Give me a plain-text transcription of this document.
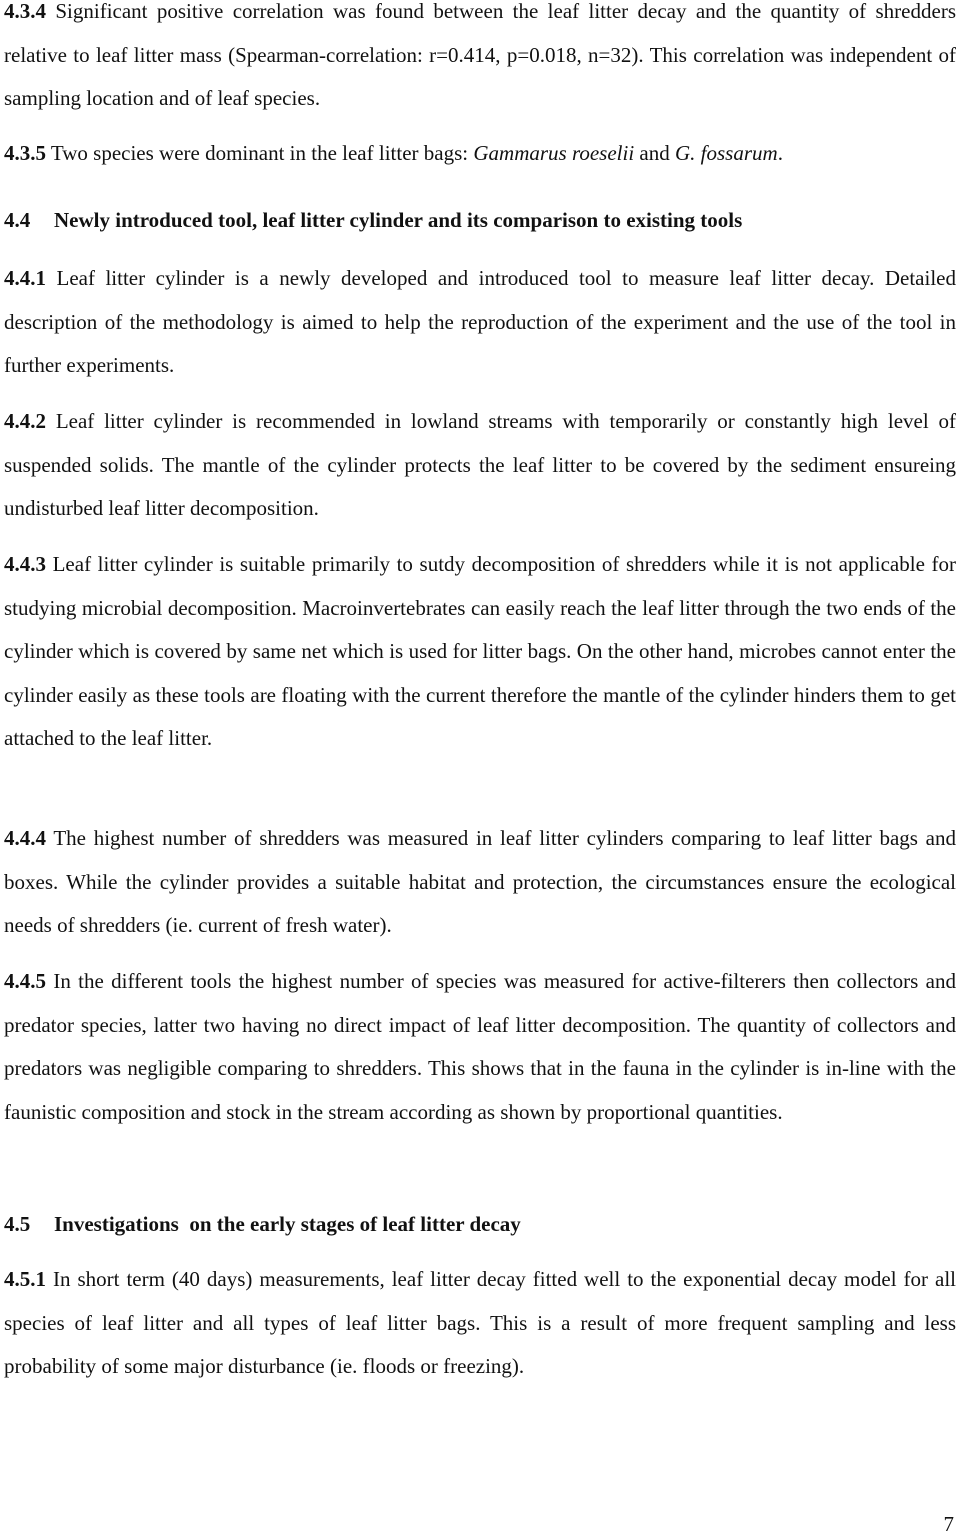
4.3.4 Significant positive correlation was found between the leaf litter decay and the quantity of shredders relative to leaf litter mass (Spearman-correlation: r=0.414, p=0.018, n=32). This correlation was independent of sampling location and of leaf species.

4.3.5 Two species were dominant in the leaf litter bags: Gammarus roeselii and G. fossarum.

4.4 Newly introduced tool, leaf litter cylinder and its comparison to existing tools

4.4.1 Leaf litter cylinder is a newly developed and introduced tool to measure leaf litter decay. Detailed description of the methodology is aimed to help the reproduction of the experiment and the use of the tool in further experiments.

4.4.2 Leaf litter cylinder is recommended in lowland streams with temporarily or constantly high level of suspended solids. The mantle of the cylinder protects the leaf litter to be covered by the sediment ensureing undisturbed leaf litter decomposition.

4.4.3 Leaf litter cylinder is suitable primarily to sutdy decomposition of shredders while it is not applicable for studying microbial decomposition. Macroinvertebrates can easily reach the leaf litter through the two ends of the cylinder which is covered by same net which is used for litter bags. On the other hand, microbes cannot enter the cylinder easily as these tools are floating with the current therefore the mantle of the cylinder hinders them to get attached to the leaf litter.

4.4.4 The highest number of shredders was measured in leaf litter cylinders comparing to leaf litter bags and boxes. While the cylinder provides a suitable habitat and protection, the circumstances ensure the ecological needs of shredders (ie. current of fresh water).

4.4.5 In the different tools the highest number of species was measured for active-filterers then collectors and predator species, latter two having no direct impact of leaf litter decomposition. The quantity of collectors and predators was negligible comparing to shredders. This shows that in the fauna in the cylinder is in-line with the faunistic composition and stock in the stream according as shown by proportional quantities.

4.5 Investigations  on the early stages of leaf litter decay

4.5.1 In short term (40 days) measurements, leaf litter decay fitted well to the exponential decay model for all species of leaf litter and all types of leaf litter bags. This is a result of more frequent sampling and less probability of some major disturbance (ie. floods or freezing).

7
